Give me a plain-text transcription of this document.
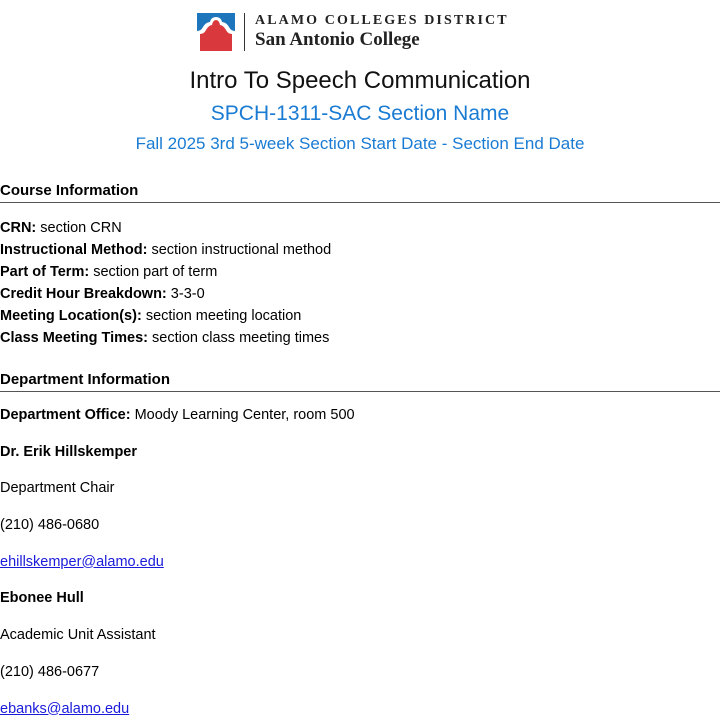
ALAMO COLLEGES DISTRICT
San Antonio College
Intro To Speech Communication
SPCH-1311-SAC Section Name
Fall 2025 3rd 5-week Section Start Date - Section End Date
Course Information
CRN: section CRN
Instructional Method: section instructional method
Part of Term: section part of term
Credit Hour Breakdown: 3-3-0
Meeting Location(s): section meeting location
Class Meeting Times: section class meeting times
Department Information
Department Office: Moody Learning Center, room 500
Dr. Erik Hillskemper
Department Chair
(210) 486-0680
ehillskemper@alamo.edu
Ebonee Hull
Academic Unit Assistant
(210) 486-0677
ebanks@alamo.edu
